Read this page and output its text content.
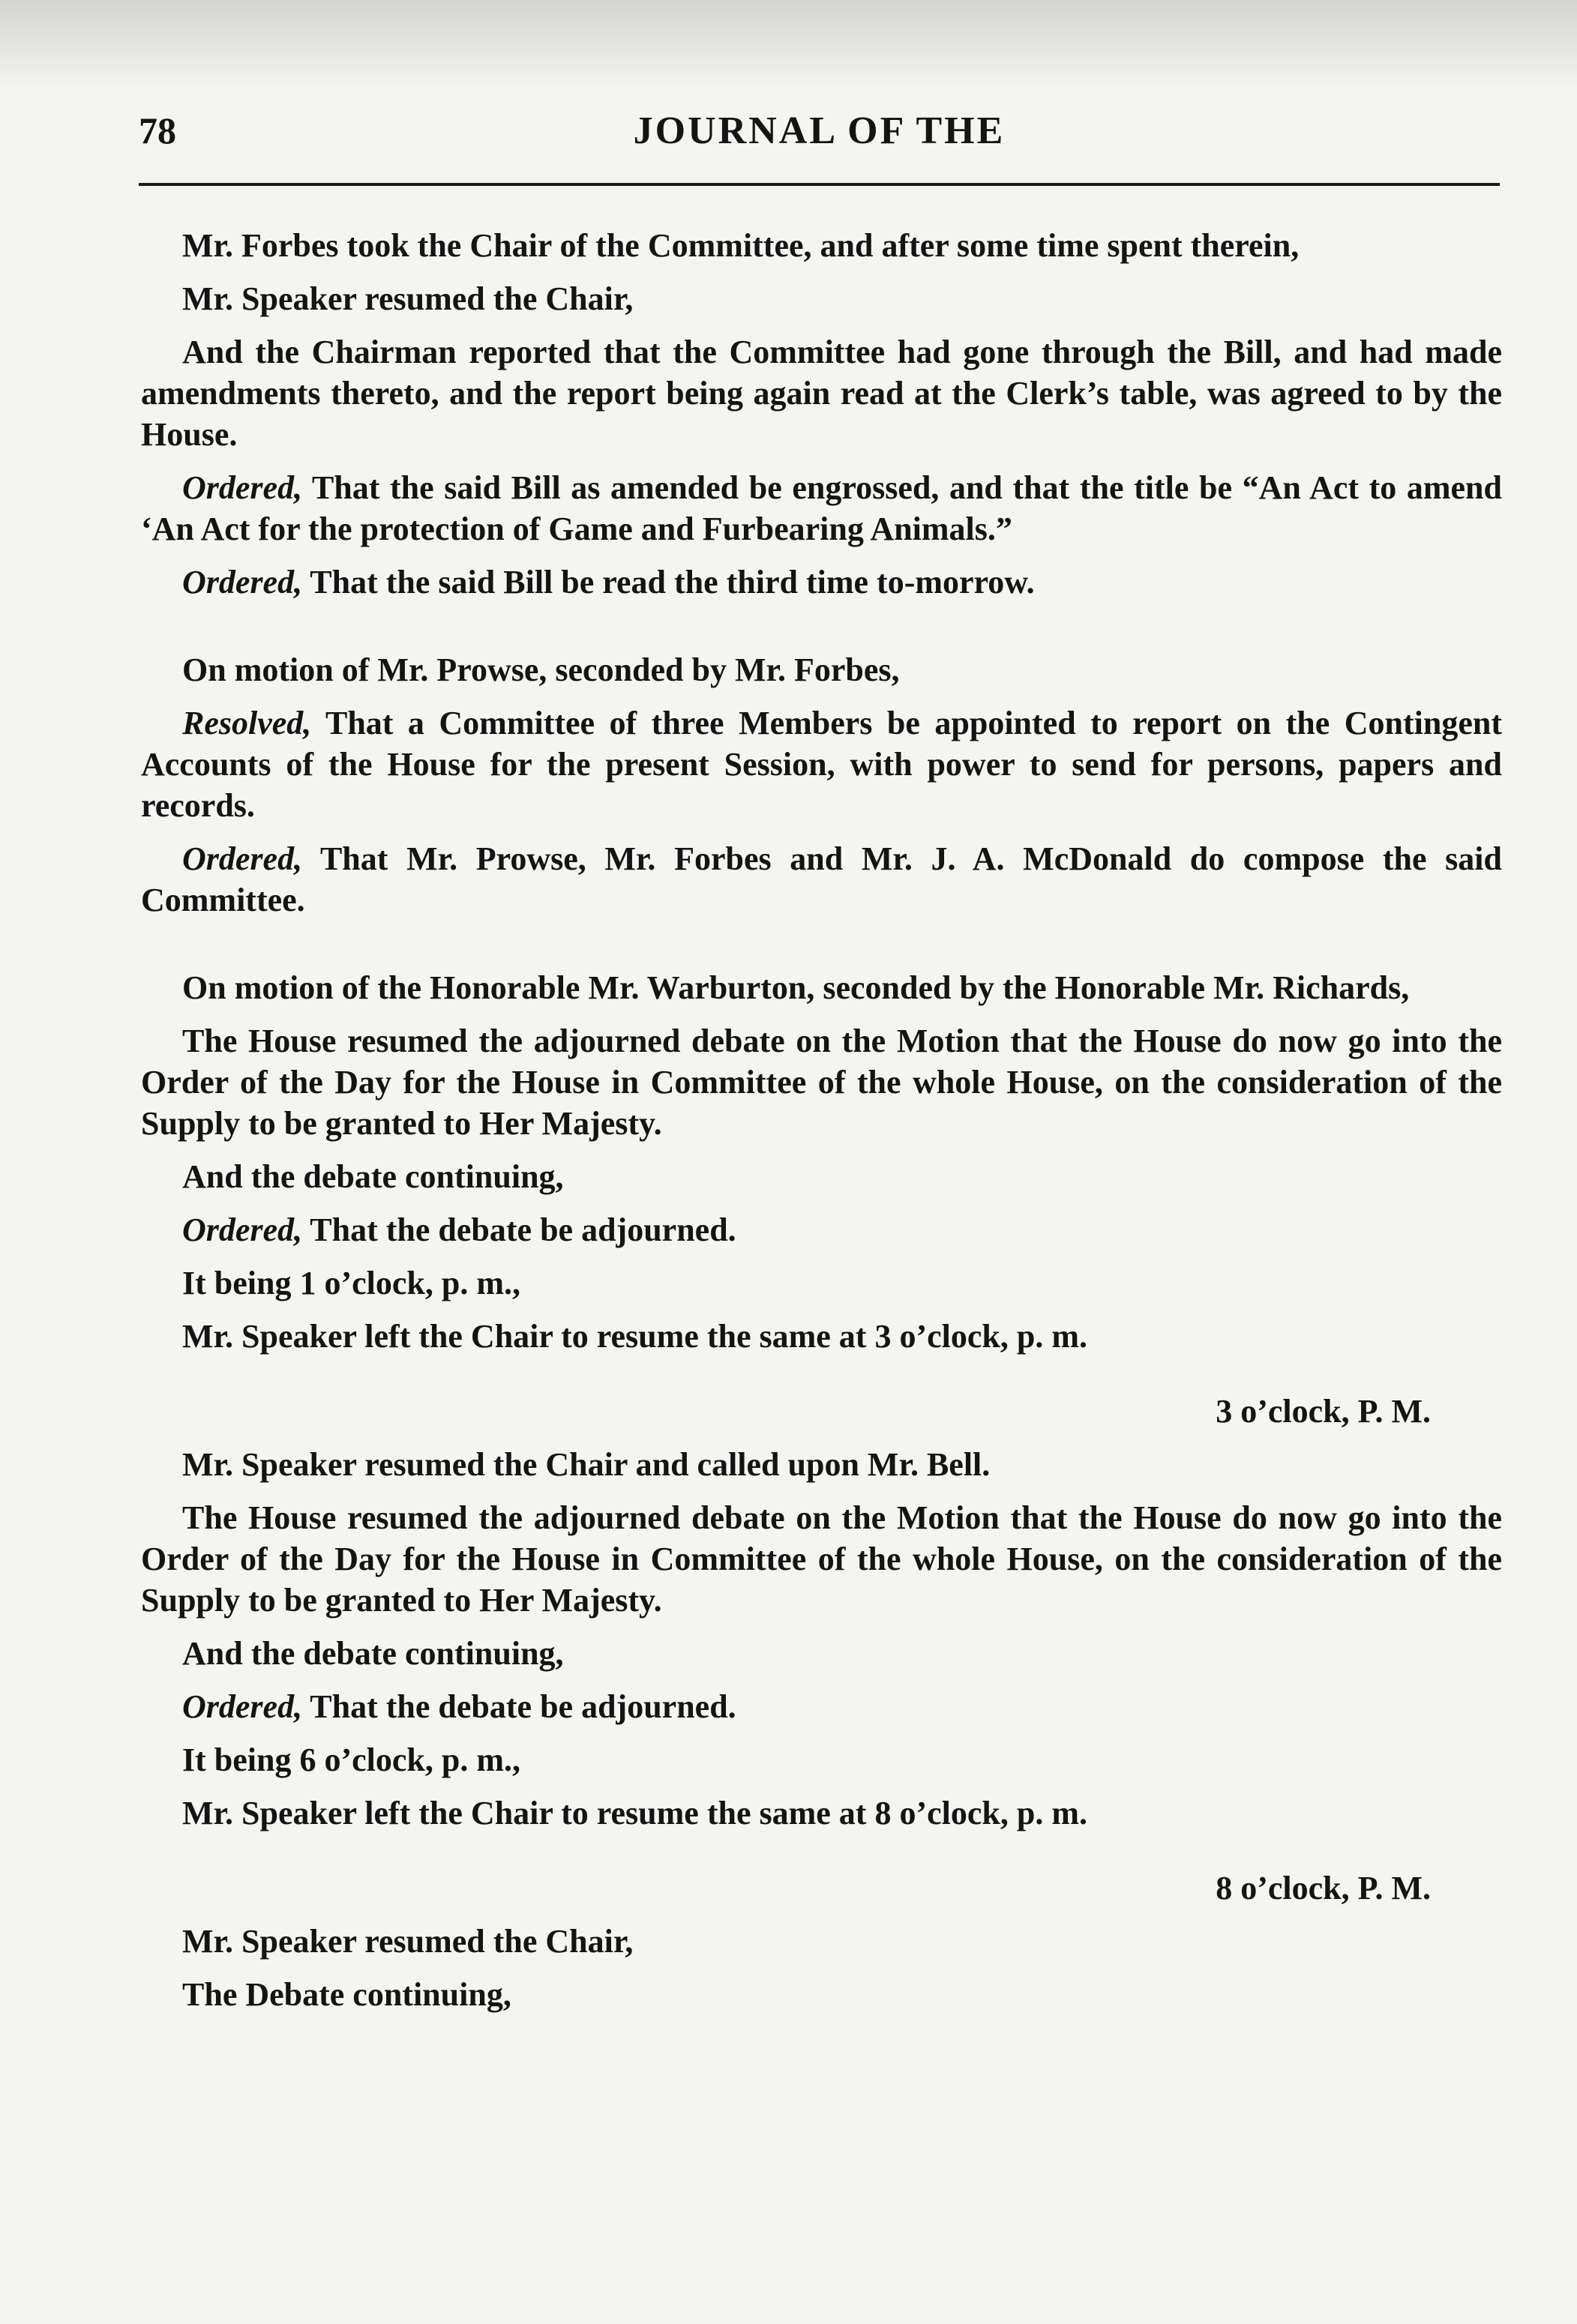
78	JOURNAL OF THE

Mr. Forbes took the Chair of the Committee, and after some time spent therein,

Mr. Speaker resumed the Chair,

And the Chairman reported that the Committee had gone through the Bill, and had made amendments thereto, and the report being again read at the Clerk’s table, was agreed to by the House.

Ordered, That the said Bill as amended be engrossed, and that the title be “An Act to amend ‘An Act for the protection of Game and Furbearing Animals.”

Ordered, That the said Bill be read the third time to-morrow.

On motion of Mr. Prowse, seconded by Mr. Forbes,

Resolved, That a Committee of three Members be appointed to report on the Contingent Accounts of the House for the present Session, with power to send for persons, papers and records.

Ordered, That Mr. Prowse, Mr. Forbes and Mr. J. A. McDonald do compose the said Committee.

On motion of the Honorable Mr. Warburton, seconded by the Honorable Mr. Richards,

The House resumed the adjourned debate on the Motion that the House do now go into the Order of the Day for the House in Committee of the whole House, on the consideration of the Supply to be granted to Her Majesty.

And the debate continuing,

Ordered, That the debate be adjourned.

It being 1 o’clock, p. m.,

Mr. Speaker left the Chair to resume the same at 3 o’clock, p. m.

3 o’clock, P. M.

Mr. Speaker resumed the Chair and called upon Mr. Bell.

The House resumed the adjourned debate on the Motion that the House do now go into the Order of the Day for the House in Committee of the whole House, on the consideration of the Supply to be granted to Her Majesty.

And the debate continuing,

Ordered, That the debate be adjourned.

It being 6 o’clock, p. m.,

Mr. Speaker left the Chair to resume the same at 8 o’clock, p. m.

8 o’clock, P. M.

Mr. Speaker resumed the Chair,

The Debate continuing,
